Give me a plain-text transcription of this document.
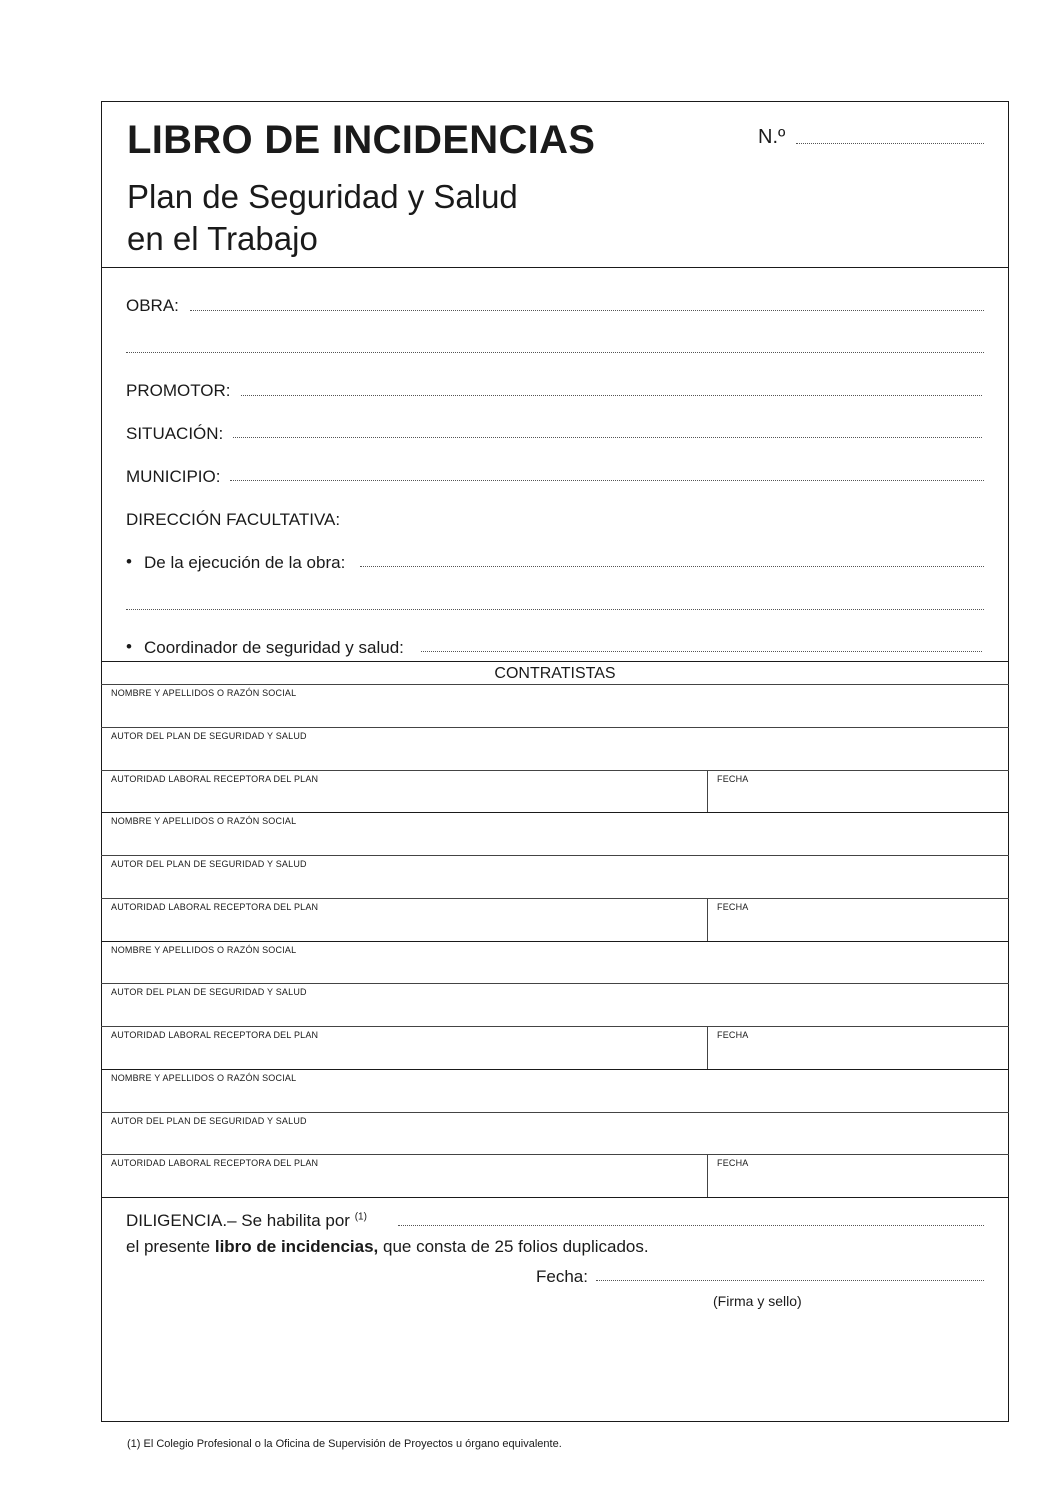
LIBRO DE INCIDENCIAS
Plan de Seguridad y Salud
en el Trabajo
N.º
OBRA:
PROMOTOR:
SITUACIÓN:
MUNICIPIO:
DIRECCIÓN FACULTATIVA:
• De la ejecución de la obra:
• Coordinador de seguridad y salud:
CONTRATISTAS
NOMBRE Y APELLIDOS O RAZÓN SOCIAL
AUTOR DEL PLAN DE SEGURIDAD Y SALUD
AUTORIDAD LABORAL RECEPTORA DEL PLAN	FECHA
NOMBRE Y APELLIDOS O RAZÓN SOCIAL
AUTOR DEL PLAN DE SEGURIDAD Y SALUD
AUTORIDAD LABORAL RECEPTORA DEL PLAN	FECHA
NOMBRE Y APELLIDOS O RAZÓN SOCIAL
AUTOR DEL PLAN DE SEGURIDAD Y SALUD
AUTORIDAD LABORAL RECEPTORA DEL PLAN	FECHA
NOMBRE Y APELLIDOS O RAZÓN SOCIAL
AUTOR DEL PLAN DE SEGURIDAD Y SALUD
AUTORIDAD LABORAL RECEPTORA DEL PLAN	FECHA
DILIGENCIA.– Se habilita por $^{(1)}$
el presente libro de incidencias, que consta de 25 folios duplicados.
Fecha:
(Firma y sello)
(1) El Colegio Profesional o la Oficina de Supervisión de Proyectos u órgano equivalente.
